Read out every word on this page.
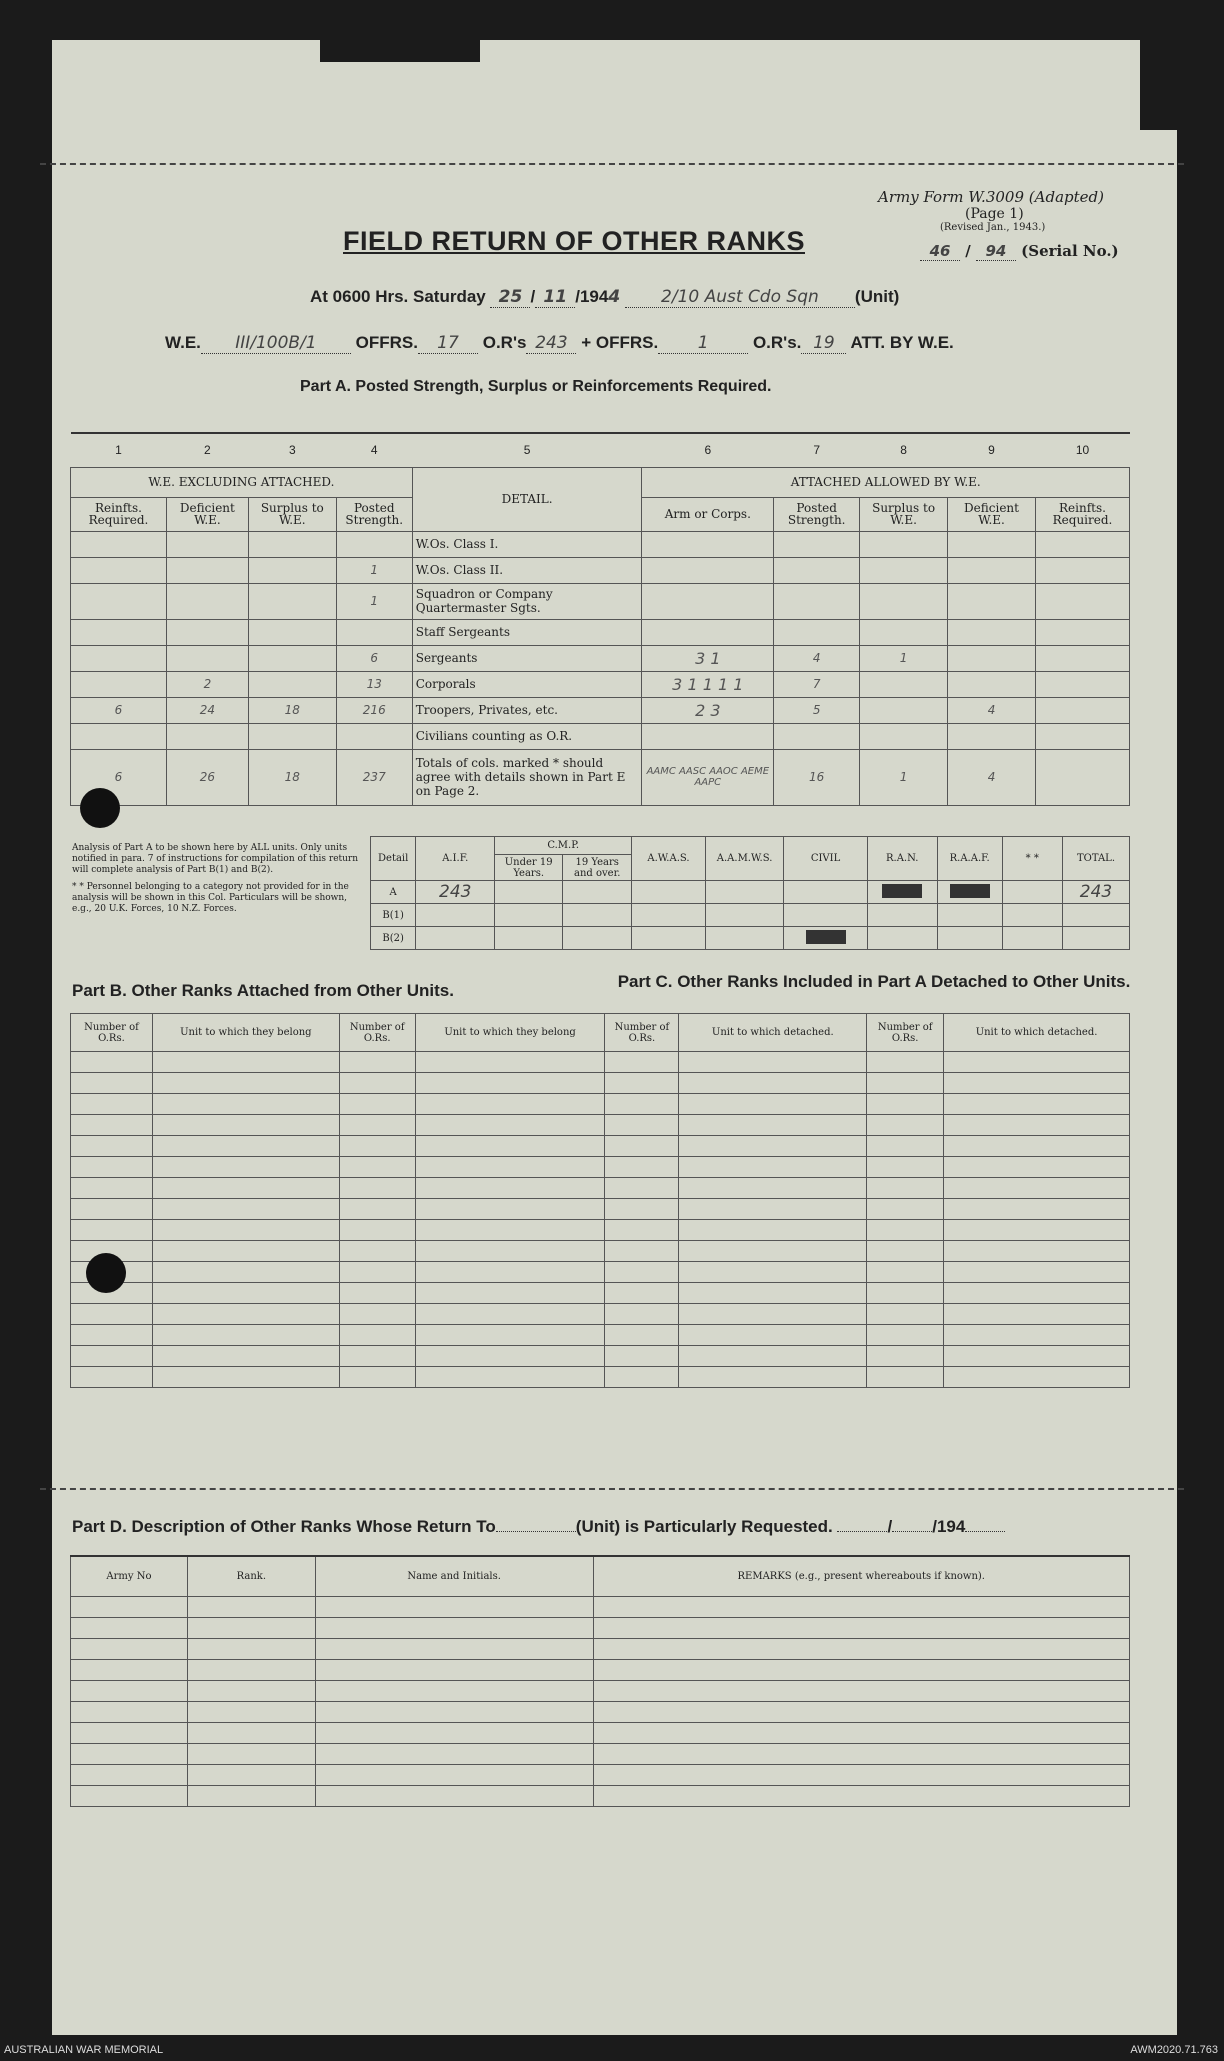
Army Form W.3009 (Adapted)
(Page 1)
(Revised Jan., 1943.)
46 / 94 (Serial No.)
FIELD RETURN OF OTHER RANKS
At 0600 Hrs. Saturday 25 / 11 /1944 2/10 Aust Cdo Sqn (Unit)
W.E. III/100B/1 OFFRS. 17 O.R's 243 + OFFRS. 1	O.R's. 19 ATT. BY W.E.
Part A. Posted Strength, Surplus or Reinforcements Required.
1	2	3	4	5	6	7	8	9	10
W.E. EXCLUDING ATTACHED.				DETAIL.	ATTACHED ALLOWED BY W.E.				
Reinfts. Required.	Deficient W.E.	Surplus to W.E.	Posted Strength.		Arm or Corps.	Posted Strength.	Surplus to W.E.	Deficient W.E.	Reinfts. Required.
				W.Os. Class I.					
			1	W.Os. Class II.					
			1	Squadron or Company Quartermaster Sgts.					
				Staff Sergeants					
			6	Sergeants	3 1	4	1		
	2		13	Corporals	3 1 1 1 1	7			
6	24	18	216	Troopers, Privates, etc.	2 3	5		4	
				Civilians counting as O.R.					
6	26	18	237	Totals of cols. marked * should agree with details shown in Part E on Page 2.	AAMC AASC AAOC AEME AAPC	16	1	4	
Analysis of Part A to be shown here by ALL units. Only units notified in para. 7 of instructions for compilation of this return will complete analysis of Part B(1) and B(2).
* * Personnel belonging to a category not provided for in the analysis will be shown in this Col. Particulars will be shown, e.g., 20 U.K. Forces, 10 N.Z. Forces.
Detail	A.I.F.	C.M.P.		A.W.A.S.	A.A.M.W.S.	CIVIL	R.A.N.	R.A.A.F.	* *	TOTAL.
		Under 19 Years.	19 Years and over.							
A	243									243
B(1)										
B(2)										
Part B. Other Ranks Attached from Other Units.	Part C. Other Ranks Included in Part A Detached to Other Units.
Number of O.Rs.	Unit to which they belong	Number of O.Rs.	Unit to which they belong	Number of O.Rs.	Unit to which detached.	Number of O.Rs.	Unit to which detached.

Part D. Description of Other Ranks Whose Return To	(Unit) is Particularly Requested.	/ /194
Army No	Rank.	Name and Initials.	REMARKS (e.g., present whereabouts if known).

AUSTRALIAN WAR MEMORIAL	AWM2020.71.763
